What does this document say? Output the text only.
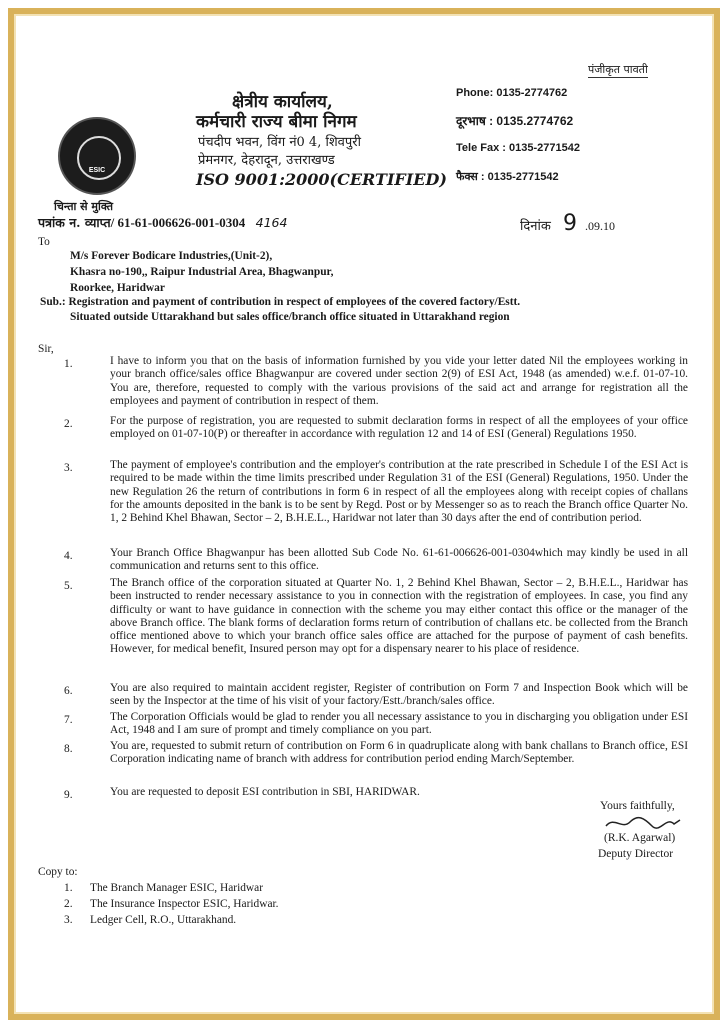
पंजीकृत पावती
ESIC
चिन्ता से मुक्ति
क्षेत्रीय कार्यालय,
कर्मचारी राज्य बीमा निगम
पंचदीप भवन, विंग नं0 4, शिवपुरी
प्रेमनगर, देहरादून, उत्तराखण्ड
ISO 9001:2000(CERTIFIED)
Phone: 0135-2774762
दूरभाष : 0135.2774762
Tele Fax : 0135-2771542
फैक्स : 0135-2771542
पत्रांक न. व्याप्त/ 61-61-006626-001-0304 4164	दिनांक 9 .09.10
To
M/s Forever Bodicare Industries,(Unit-2),
Khasra no-190,, Raipur Industrial Area, Bhagwanpur,
Roorkee, Haridwar
Sub.: Registration and payment of contribution in respect of employees of the covered factory/Estt.
Situated outside Uttarakhand but sales office/branch office situated in Uttarakhand region
Sir,
1.	I have to inform you that on the basis of information furnished by you vide your letter dated Nil the employees working in your branch office/sales office Bhagwanpur are covered under section 2(9) of ESI Act, 1948 (as amended) w.e.f. 01-07-10. You are, therefore, requested to comply with the various provisions of the said act and arrange for registration all the employees and payment of contribution in respect of them.
2.	For the purpose of registration, you are requested to submit declaration forms in respect of all the employees of your office employed on 01-07-10(P) or thereafter in accordance with regulation 12 and 14 of ESI (General) Regulations 1950.
3.	The payment of employee's contribution and the employer's contribution at the rate prescribed in Schedule I of the ESI Act is required to be made within the time limits prescribed under Regulation 31 of the ESI (General) Regulations, 1950. Under the new Regulation 26 the return of contributions in form 6 in respect of all the employees along with receipt copies of challans for the amounts deposited in the bank is to be sent by Regd. Post or by Messenger so as to reach the Branch office Quarter No. 1, 2 Behind Khel Bhawan, Sector – 2, B.H.E.L., Haridwar not later than 30 days after the end of contribution period.
4.	Your Branch Office Bhagwanpur has been allotted Sub Code No. 61-61-006626-001-0304which may kindly be used in all communication and returns sent to this office.
5.	The Branch office of the corporation situated at Quarter No. 1, 2 Behind Khel Bhawan, Sector – 2, B.H.E.L., Haridwar has been instructed to render necessary assistance to you in connection with the registration of employees. In case, you find any difficulty or want to have guidance in connection with the scheme you may either contact this office or the manager of the above Branch office. The blank forms of declaration forms return of contribution of challans etc. be collected from the Branch office mentioned above to which your branch office sales office are attached for the purpose of payment of cash benefits. However, for medical benefit, Insured person may opt for a dispensary nearer to his place of residence.
6.	You are also required to maintain accident register, Register of contribution on Form 7 and Inspection Book which will be seen by the Inspector at the time of his visit of your factory/Estt./branch/sales office.
7.	The Corporation Officials would be glad to render you all necessary assistance to you in discharging you obligation under ESI Act, 1948 and I am sure of prompt and timely compliance on you part.
8.	You are, requested to submit return of contribution on Form 6 in quadruplicate along with bank challans to Branch office, ESI Corporation indicating name of branch with address for contribution period ending March/September.
9.	You are requested to deposit ESI contribution in SBI, HARIDWAR.
Yours faithfully,
(R.K. Agarwal)
Deputy Director
Copy to:
1. The Branch Manager ESIC, Haridwar
2. The Insurance Inspector ESIC, Haridwar.
3. Ledger Cell, R.O., Uttarakhand.
